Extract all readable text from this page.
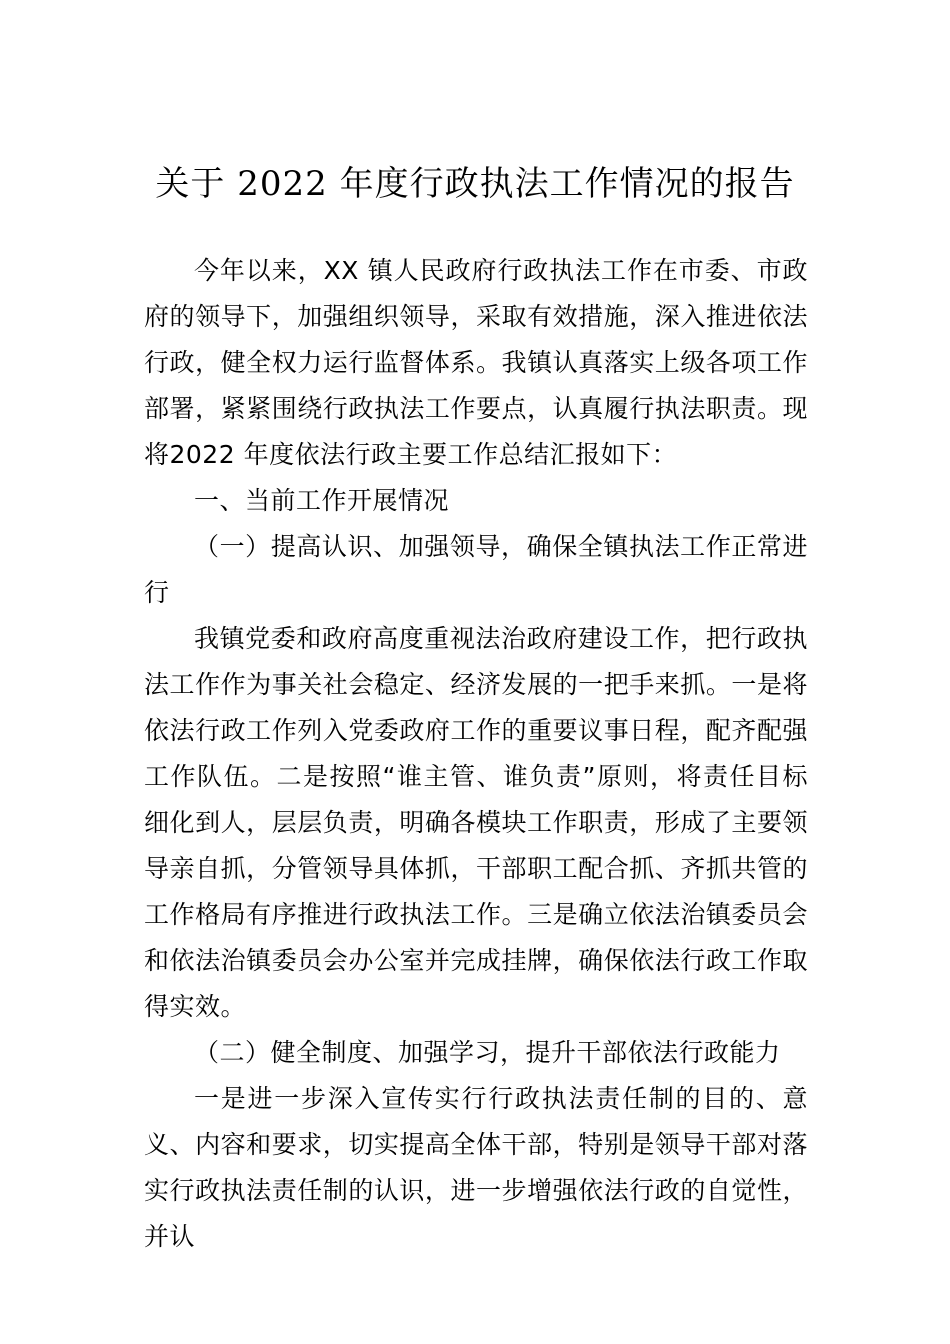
关于 2022 年度行政执法工作情况的报告

今年以来，XX 镇人民政府行政执法工作在市委、市政府的领导下，加强组织领导，采取有效措施，深入推进依法行政，健全权力运行监督体系。我镇认真落实上级各项工作部署，紧紧围绕行政执法工作要点，认真履行执法职责。现将2022 年度依法行政主要工作总结汇报如下：

一、当前工作开展情况

（一）提高认识、加强领导，确保全镇执法工作正常进行

我镇党委和政府高度重视法治政府建设工作，把行政执法工作作为事关社会稳定、经济发展的一把手来抓。一是将依法行政工作列入党委政府工作的重要议事日程，配齐配强工作队伍。二是按照“谁主管、谁负责”原则，将责任目标细化到人，层层负责，明确各模块工作职责，形成了主要领导亲自抓，分管领导具体抓，干部职工配合抓、齐抓共管的工作格局有序推进行政执法工作。三是确立依法治镇委员会和依法治镇委员会办公室并完成挂牌，确保依法行政工作取得实效。

（二）健全制度、加强学习，提升干部依法行政能力

一是进一步深入宣传实行行政执法责任制的目的、意义、内容和要求，切实提高全体干部，特别是领导干部对落实行政执法责任制的认识，进一步增强依法行政的自觉性，并认
